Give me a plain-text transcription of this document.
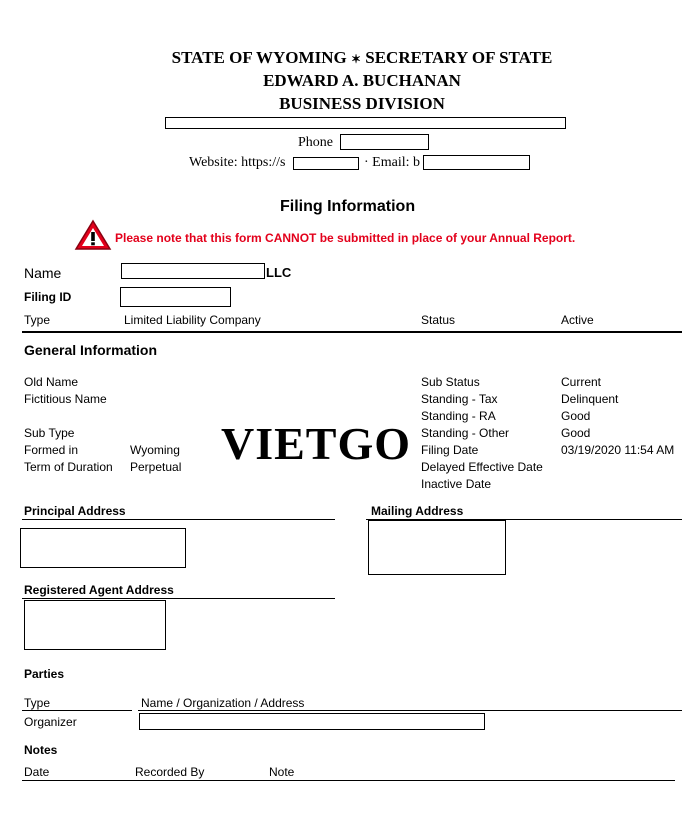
STATE OF WYOMING ✶ SECRETARY OF STATE
EDWARD A. BUCHANAN
BUSINESS DIVISION
Phone
Website: https://s	· Email: b
Filing Information
Please note that this form CANNOT be submitted in place of your Annual Report.
Name	LLC
Filing ID
Type	Limited Liability Company	Status	Active
General Information
Old Name
Fictitious Name
Sub Type
Formed in	Wyoming
Term of Duration Perpetual
Sub Status	Current
Standing - Tax	Delinquent
Standing - RA	Good
Standing - Other	Good
Filing Date	03/19/2020 11:54 AM
Delayed Effective Date
Inactive Date
VIETGO
Principal Address	Mailing Address
Registered Agent Address
Parties
Type	Name / Organization / Address
Organizer
Notes
Date	Recorded By	Note
